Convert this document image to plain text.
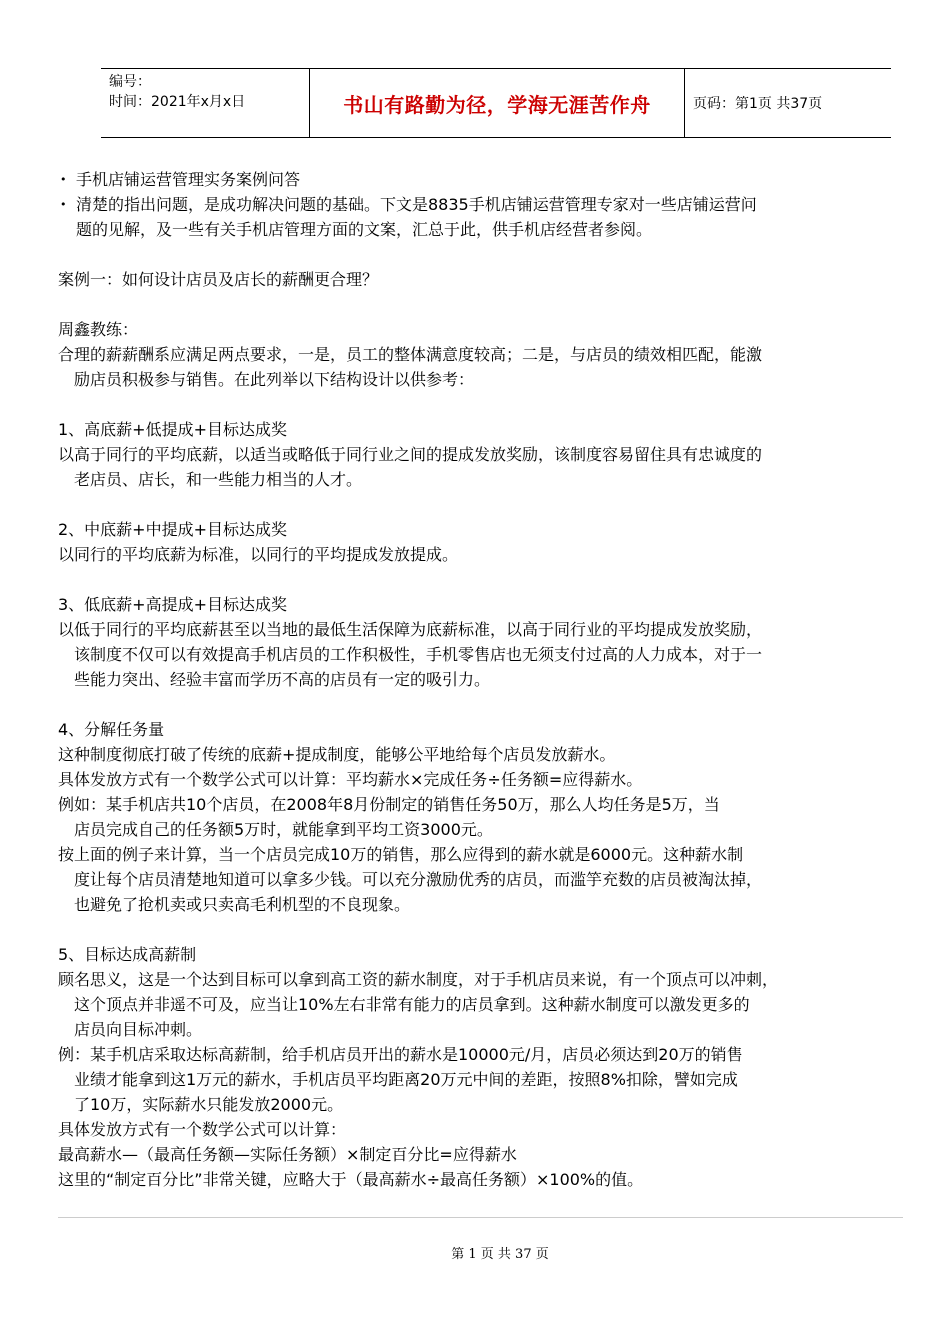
编号：
时间：2021年x月x日	书山有路勤为径，学海无涯苦作舟	页码：第1页 共37页
• 手机店铺运营管理实务案例问答
• 清楚的指出问题，是成功解决问题的基础。下文是8835手机店铺运营管理专家对一些店铺运营问
题的见解，及一些有关手机店管理方面的文案，汇总于此，供手机店经营者参阅。
案例一：如何设计店员及店长的薪酬更合理？
周鑫教练：
合理的薪薪酬系应满足两点要求，一是，员工的整体满意度较高；二是，与店员的绩效相匹配，能激
励店员积极参与销售。在此列举以下结构设计以供参考：
1、高底薪+低提成+目标达成奖
以高于同行的平均底薪，以适当或略低于同行业之间的提成发放奖励，该制度容易留住具有忠诚度的
老店员、店长，和一些能力相当的人才。
2、中底薪+中提成+目标达成奖
以同行的平均底薪为标准，以同行的平均提成发放提成。
3、低底薪+高提成+目标达成奖
以低于同行的平均底薪甚至以当地的最低生活保障为底薪标准，以高于同行业的平均提成发放奖励，
该制度不仅可以有效提高手机店员的工作积极性，手机零售店也无须支付过高的人力成本，对于一
些能力突出、经验丰富而学历不高的店员有一定的吸引力。
4、分解任务量
这种制度彻底打破了传统的底薪+提成制度，能够公平地给每个店员发放薪水。
具体发放方式有一个数学公式可以计算：平均薪水×完成任务÷任务额=应得薪水。
例如：某手机店共10个店员，在2008年8月份制定的销售任务50万，那么人均任务是5万，当
店员完成自己的任务额5万时，就能拿到平均工资3000元。
按上面的例子来计算，当一个店员完成10万的销售，那么应得到的薪水就是6000元。这种薪水制
度让每个店员清楚地知道可以拿多少钱。可以充分激励优秀的店员，而滥竽充数的店员被淘汰掉，
也避免了抢机卖或只卖高毛利机型的不良现象。
5、目标达成高薪制
顾名思义，这是一个达到目标可以拿到高工资的薪水制度，对于手机店员来说，有一个顶点可以冲刺，
这个顶点并非遥不可及，应当让10%左右非常有能力的店员拿到。这种薪水制度可以激发更多的
店员向目标冲刺。
例：某手机店采取达标高薪制，给手机店员开出的薪水是10000元/月，店员必须达到20万的销售
业绩才能拿到这1万元的薪水，手机店员平均距离20万元中间的差距，按照8%扣除，譬如完成
了10万，实际薪水只能发放2000元。
具体发放方式有一个数学公式可以计算：
最高薪水—（最高任务额—实际任务额）×制定百分比=应得薪水
这里的“制定百分比”非常关键，应略大于（最高薪水÷最高任务额）×100%的值。
第 1 页 共 37 页
